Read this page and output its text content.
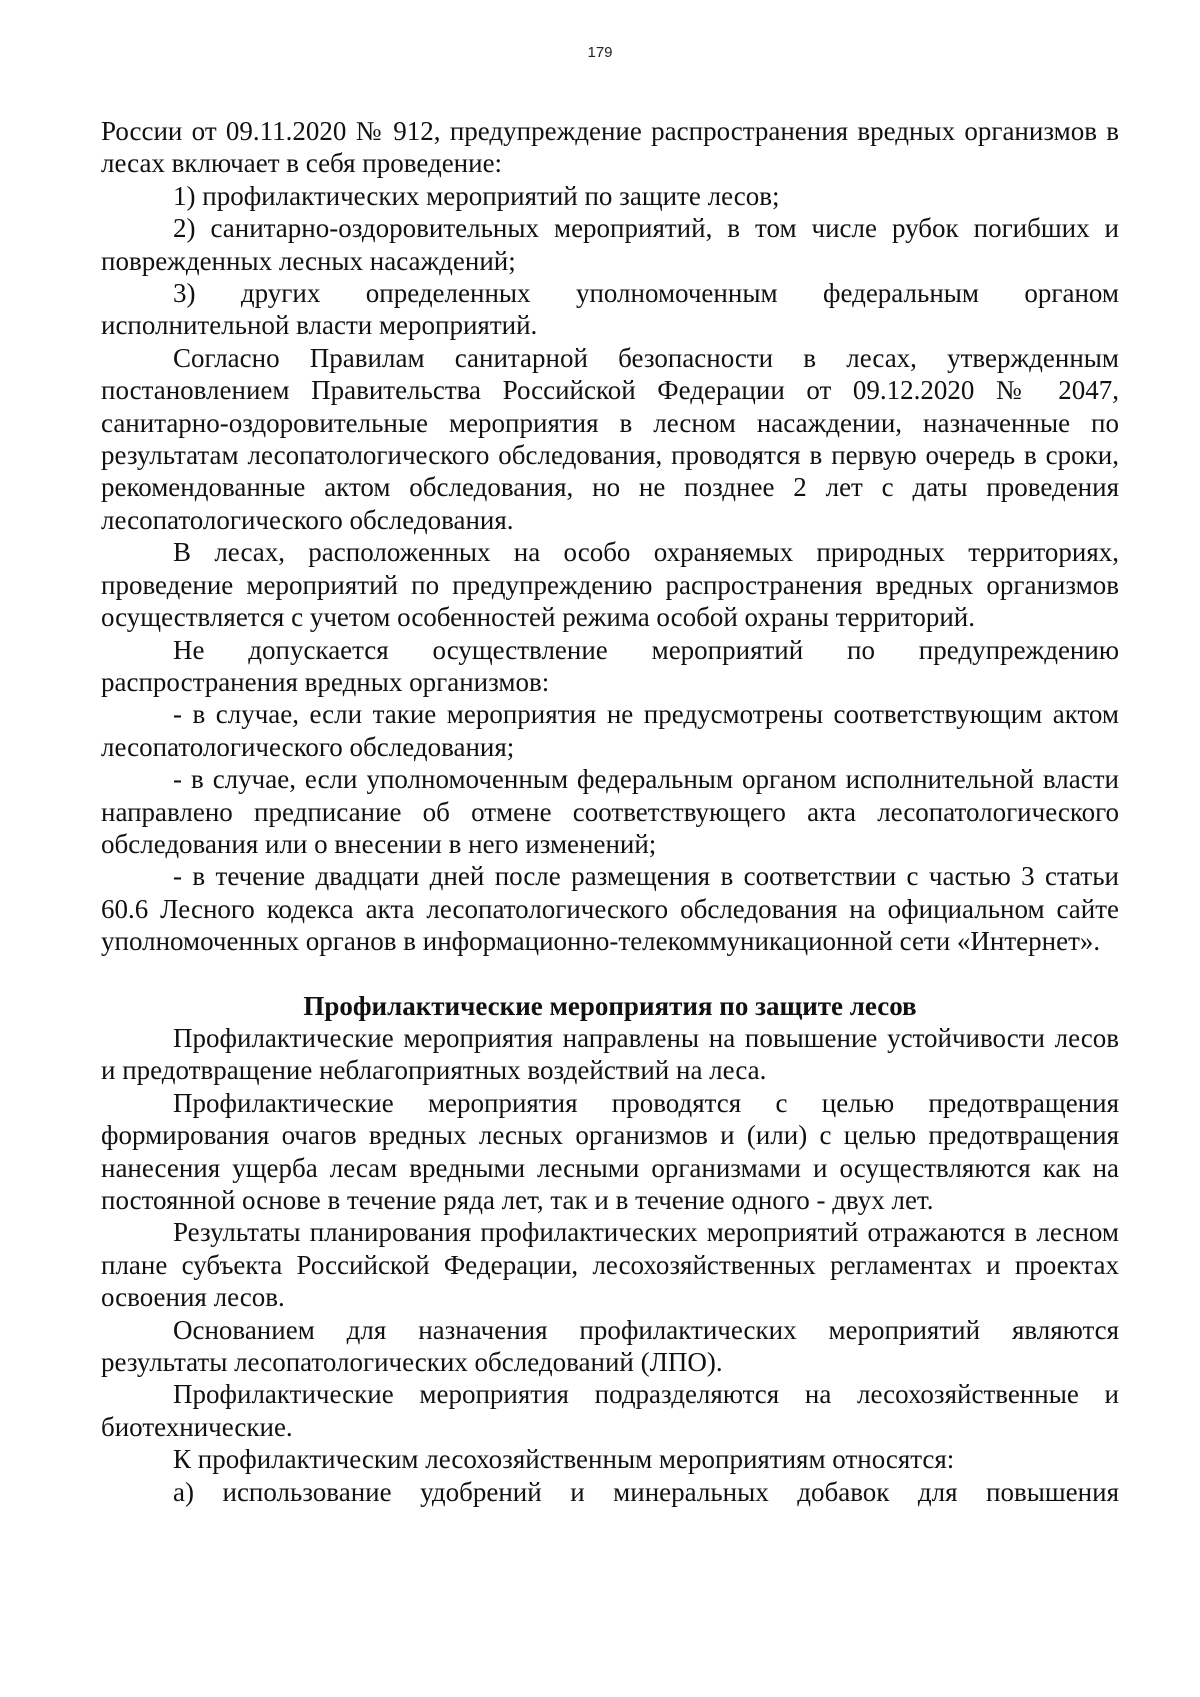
179

России от 09.11.2020 № 912, предупреждение распространения вредных организмов в лесах включает в себя проведение:

1) профилактических мероприятий по защите лесов;

2) санитарно-оздоровительных мероприятий, в том числе рубок погибших и поврежденных лесных насаждений;

3) других определенных уполномоченным федеральным органом исполнительной власти мероприятий.

Согласно Правилам санитарной безопасности в лесах, утвержденным постановлением Правительства Российской Федерации от 09.12.2020 № 2047, санитарно-оздоровительные мероприятия в лесном насаждении, назначенные по результатам лесопатологического обследования, проводятся в первую очередь в сроки, рекомендованные актом обследования, но не позднее 2 лет с даты проведения лесопатологического обследования.

В лесах, расположенных на особо охраняемых природных территориях, проведение мероприятий по предупреждению распространения вредных организмов осуществляется с учетом особенностей режима особой охраны территорий.

Не допускается осуществление мероприятий по предупреждению распространения вредных организмов:

- в случае, если такие мероприятия не предусмотрены соответствующим актом лесопатологического обследования;

- в случае, если уполномоченным федеральным органом исполнительной власти направлено предписание об отмене соответствующего акта лесопатологического обследования или о внесении в него изменений;

- в течение двадцати дней после размещения в соответствии с частью 3 статьи 60.6 Лесного кодекса акта лесопатологического обследования на официальном сайте уполномоченных органов в информационно-телекоммуникационной сети «Интернет».

Профилактические мероприятия по защите лесов

Профилактические мероприятия направлены на повышение устойчивости лесов и предотвращение неблагоприятных воздействий на леса.

Профилактические мероприятия проводятся с целью предотвращения формирования очагов вредных лесных организмов и (или) с целью предотвращения нанесения ущерба лесам вредными лесными организмами и осуществляются как на постоянной основе в течение ряда лет, так и в течение одного - двух лет.

Результаты планирования профилактических мероприятий отражаются в лесном плане субъекта Российской Федерации, лесохозяйственных регламентах и проектах освоения лесов.

Основанием для назначения профилактических мероприятий являются результаты лесопатологических обследований (ЛПО).

Профилактические мероприятия подразделяются на лесохозяйственные и биотехнические.

К профилактическим лесохозяйственным мероприятиям относятся:

а) использование удобрений и минеральных добавок для повышения
